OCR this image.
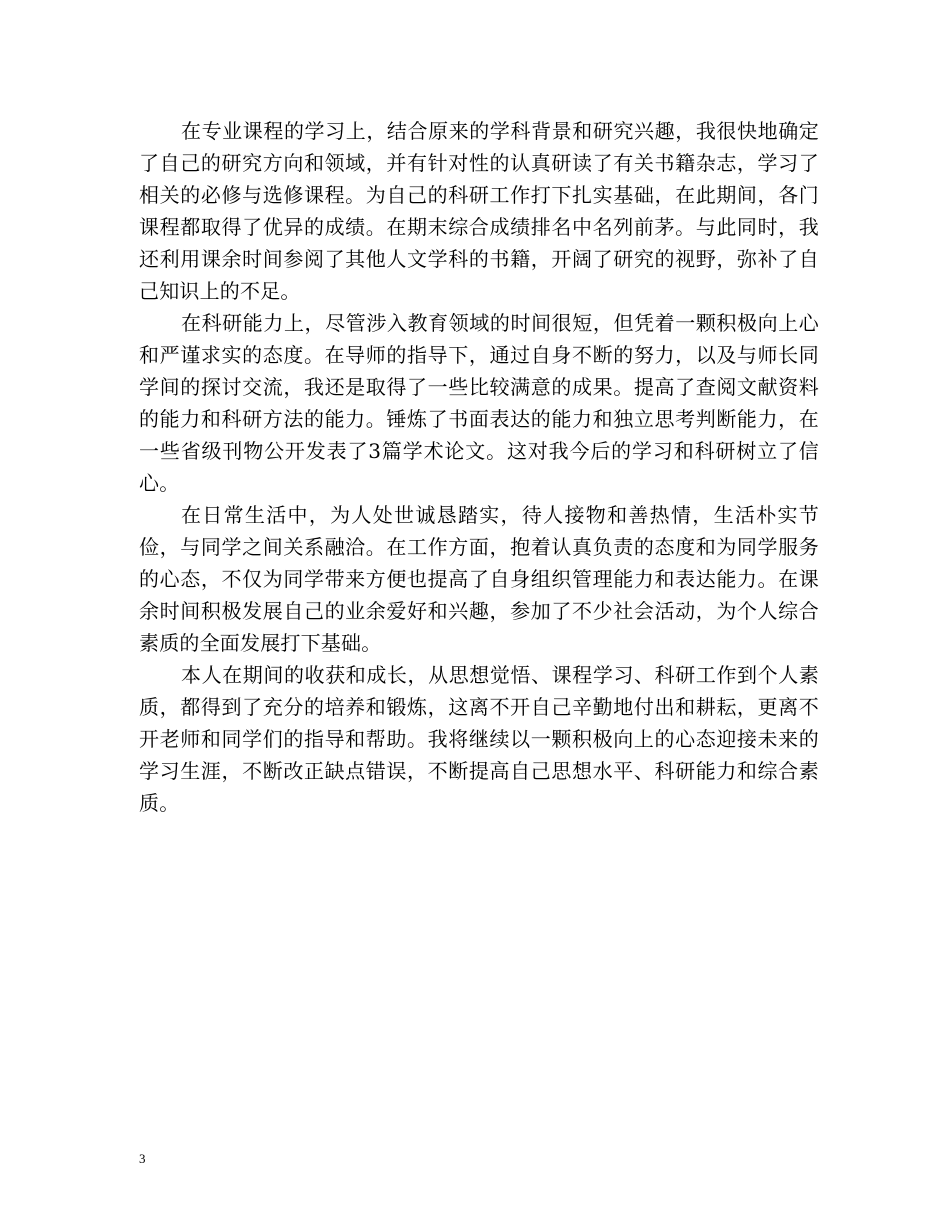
在专业课程的学习上，结合原来的学科背景和研究兴趣，我很快地确定了自己的研究方向和领域，并有针对性的认真研读了有关书籍杂志，学习了相关的必修与选修课程。为自己的科研工作打下扎实基础，在此期间，各门课程都取得了优异的成绩。在期末综合成绩排名中名列前茅。与此同时，我还利用课余时间参阅了其他人文学科的书籍，开阔了研究的视野，弥补了自己知识上的不足。

在科研能力上，尽管涉入教育领域的时间很短，但凭着一颗积极向上心和严谨求实的态度。在导师的指导下，通过自身不断的努力，以及与师长同学间的探讨交流，我还是取得了一些比较满意的成果。提高了查阅文献资料的能力和科研方法的能力。锤炼了书面表达的能力和独立思考判断能力，在一些省级刊物公开发表了3篇学术论文。这对我今后的学习和科研树立了信心。

在日常生活中，为人处世诚恳踏实，待人接物和善热情，生活朴实节俭，与同学之间关系融洽。在工作方面，抱着认真负责的态度和为同学服务的心态，不仅为同学带来方便也提高了自身组织管理能力和表达能力。在课余时间积极发展自己的业余爱好和兴趣，参加了不少社会活动，为个人综合素质的全面发展打下基础。

本人在期间的收获和成长，从思想觉悟、课程学习、科研工作到个人素质，都得到了充分的培养和锻炼，这离不开自己辛勤地付出和耕耘，更离不开老师和同学们的指导和帮助。我将继续以一颗积极向上的心态迎接未来的学习生涯，不断改正缺点错误，不断提高自己思想水平、科研能力和综合素质。

3
